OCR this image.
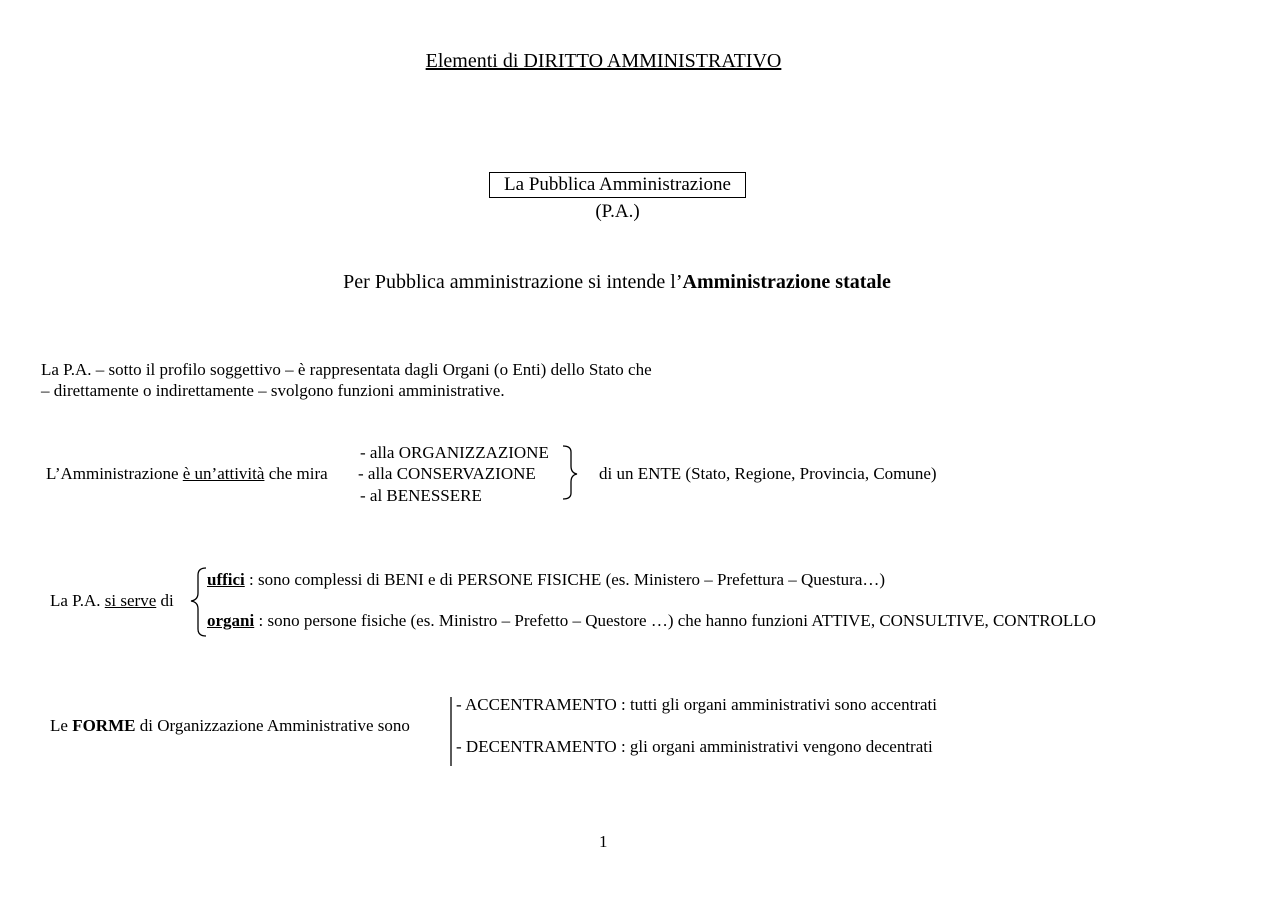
Elementi di DIRITTO AMMINISTRATIVO
La Pubblica Amministrazione
(P.A.)
Per Pubblica amministrazione si intende l’Amministrazione statale
La P.A. – sotto il profilo soggettivo – è rappresentata dagli Organi (o Enti) dello Stato che
– direttamente o indirettamente – svolgono funzioni amministrative.
L’Amministrazione è un’attività che mira
- alla ORGANIZZAZIONE
- alla CONSERVAZIONE
- al BENESSERE
di un ENTE (Stato, Regione, Provincia, Comune)
La P.A. si serve di
uffici : sono complessi di BENI e di PERSONE FISICHE (es. Ministero – Prefettura – Questura…)
organi : sono persone fisiche (es. Ministro – Prefetto – Questore …) che hanno funzioni ATTIVE, CONSULTIVE, CONTROLLO
Le FORME di Organizzazione Amministrative sono
- ACCENTRAMENTO : tutti gli organi amministrativi sono accentrati
- DECENTRAMENTO : gli organi amministrativi vengono decentrati
1
